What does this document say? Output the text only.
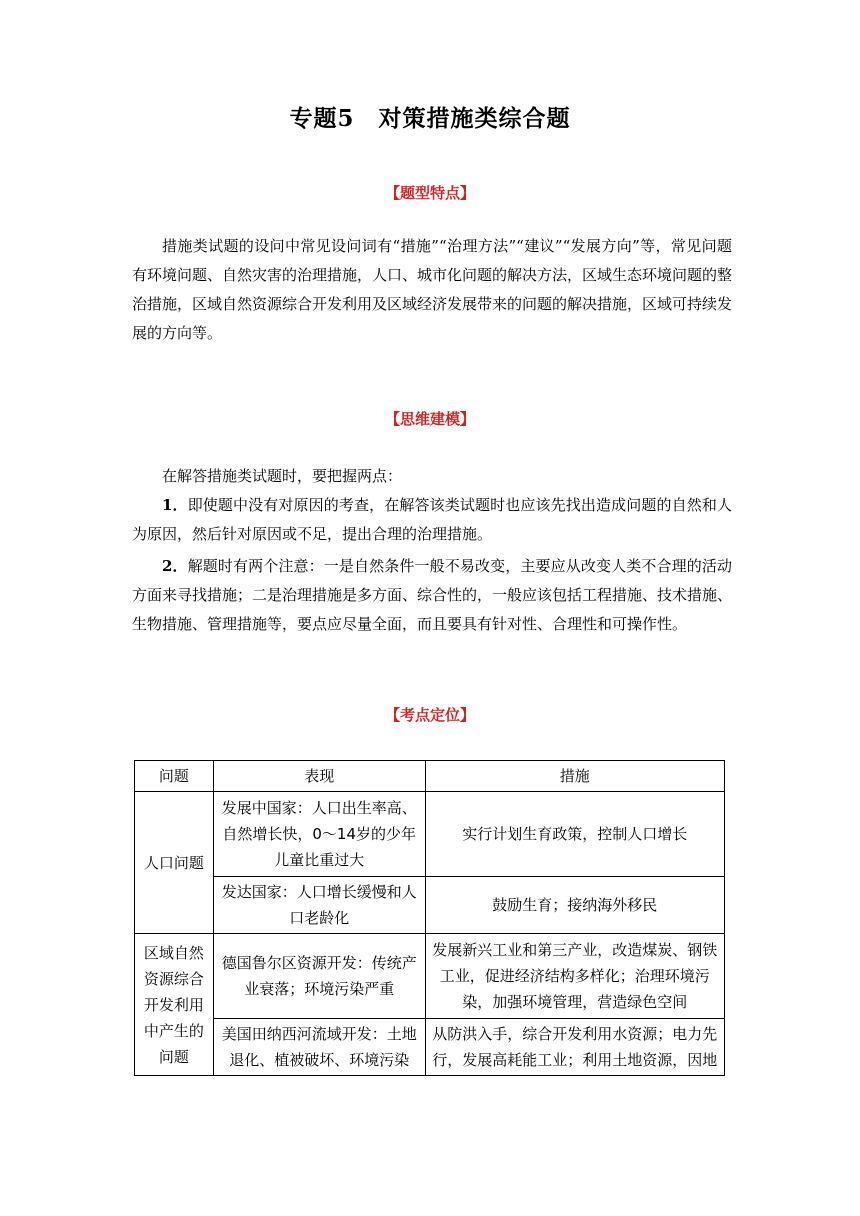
专题5　对策措施类综合题
【题型特点】
措施类试题的设问中常见设问词有“措施”“治理方法”“建议”“发展方向”等，常见问题有环境问题、自然灾害的治理措施，人口、城市化问题的解决方法，区域生态环境问题的整治措施，区域自然资源综合开发利用及区域经济发展带来的问题的解决措施，区域可持续发展的方向等。
【思维建模】
在解答措施类试题时，要把握两点：
1．即使题中没有对原因的考查，在解答该类试题时也应该先找出造成问题的自然和人为原因，然后针对原因或不足，提出合理的治理措施。
2．解题时有两个注意：一是自然条件一般不易改变，主要应从改变人类不合理的活动方面来寻找措施；二是治理措施是多方面、综合性的，一般应该包括工程措施、技术措施、生物措施、管理措施等，要点应尽量全面，而且要具有针对性、合理性和可操作性。
【考点定位】
问题	表现	措施
人口问题	发展中国家：人口出生率高、自然增长快，0～14岁的少年儿童比重过大	实行计划生育政策，控制人口增长
	发达国家：人口增长缓慢和人口老龄化	鼓励生育；接纳海外移民
区域自然资源综合开发利用中产生的问题	德国鲁尔区资源开发：传统产业衰落；环境污染严重	发展新兴工业和第三产业，改造煤炭、钢铁工业，促进经济结构多样化；治理环境污染，加强环境管理，营造绿色空间
	美国田纳西河流域开发：土地退化、植被破坏、环境污染	从防洪入手，综合开发利用水资源；电力先行，发展高耗能工业；利用土地资源，因地
